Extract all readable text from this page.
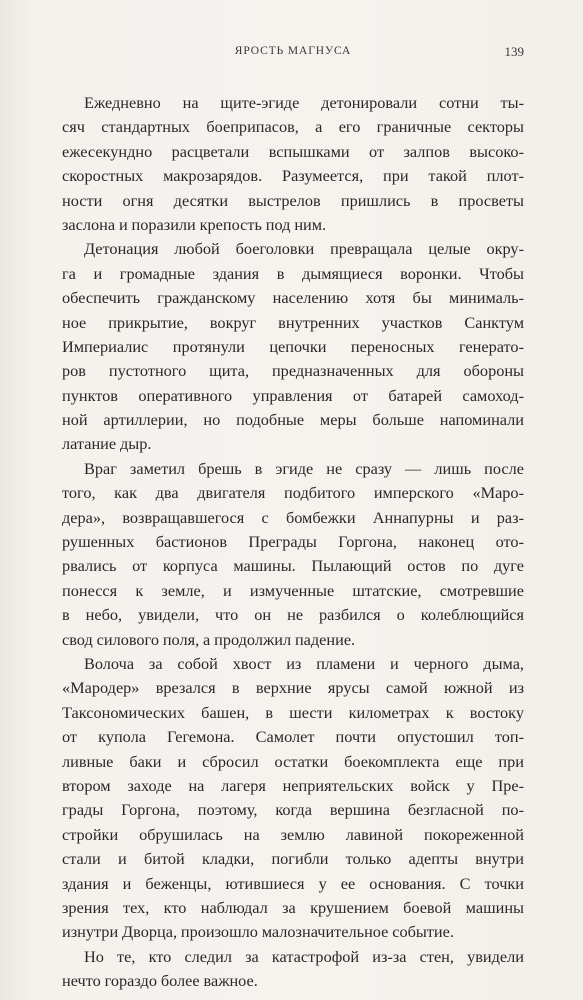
ЯРОСТЬ МАГНУСА	139

Ежедневно на щите-эгиде детонировали сотни ты-
сяч стандартных боеприпасов, а его граничные секторы
ежесекундно расцветали вспышками от залпов высоко-
скоростных макрозарядов. Разумеется, при такой плот-
ности огня десятки выстрелов пришлись в просветы
заслона и поразили крепость под ним.

Детонация любой боеголовки превращала целые окру-
га и громадные здания в дымящиеся воронки. Чтобы
обеспечить гражданскому населению хотя бы минималь-
ное прикрытие, вокруг внутренних участков Санктум
Империалис протянули цепочки переносных генерато-
ров пустотного щита, предназначенных для обороны
пунктов оперативного управления от батарей самоход-
ной артиллерии, но подобные меры больше напоминали
латание дыр.

Враг заметил брешь в эгиде не сразу — лишь после
того, как два двигателя подбитого имперского «Маро-
дера», возвращавшегося с бомбежки Аннапурны и раз-
рушенных бастионов Преграды Горгона, наконец ото-
рвались от корпуса машины. Пылающий остов по дуге
понесся к земле, и измученные штатские, смотревшие
в небо, увидели, что он не разбился о колеблющийся
свод силового поля, а продолжил падение.

Волоча за собой хвост из пламени и черного дыма,
«Мародер» врезался в верхние ярусы самой южной из
Таксономических башен, в шести километрах к востоку
от купола Гегемона. Самолет почти опустошил топ-
ливные баки и сбросил остатки боекомплекта еще при
втором заходе на лагеря неприятельских войск у Пре-
грады Горгона, поэтому, когда вершина безгласной по-
стройки обрушилась на землю лавиной покореженной
стали и битой кладки, погибли только адепты внутри
здания и беженцы, ютившиеся у ее основания. С точки
зрения тех, кто наблюдал за крушением боевой машины
изнутри Дворца, произошло малозначительное событие.

Но те, кто следил за катастрофой из-за стен, увидели
нечто гораздо более важное.
